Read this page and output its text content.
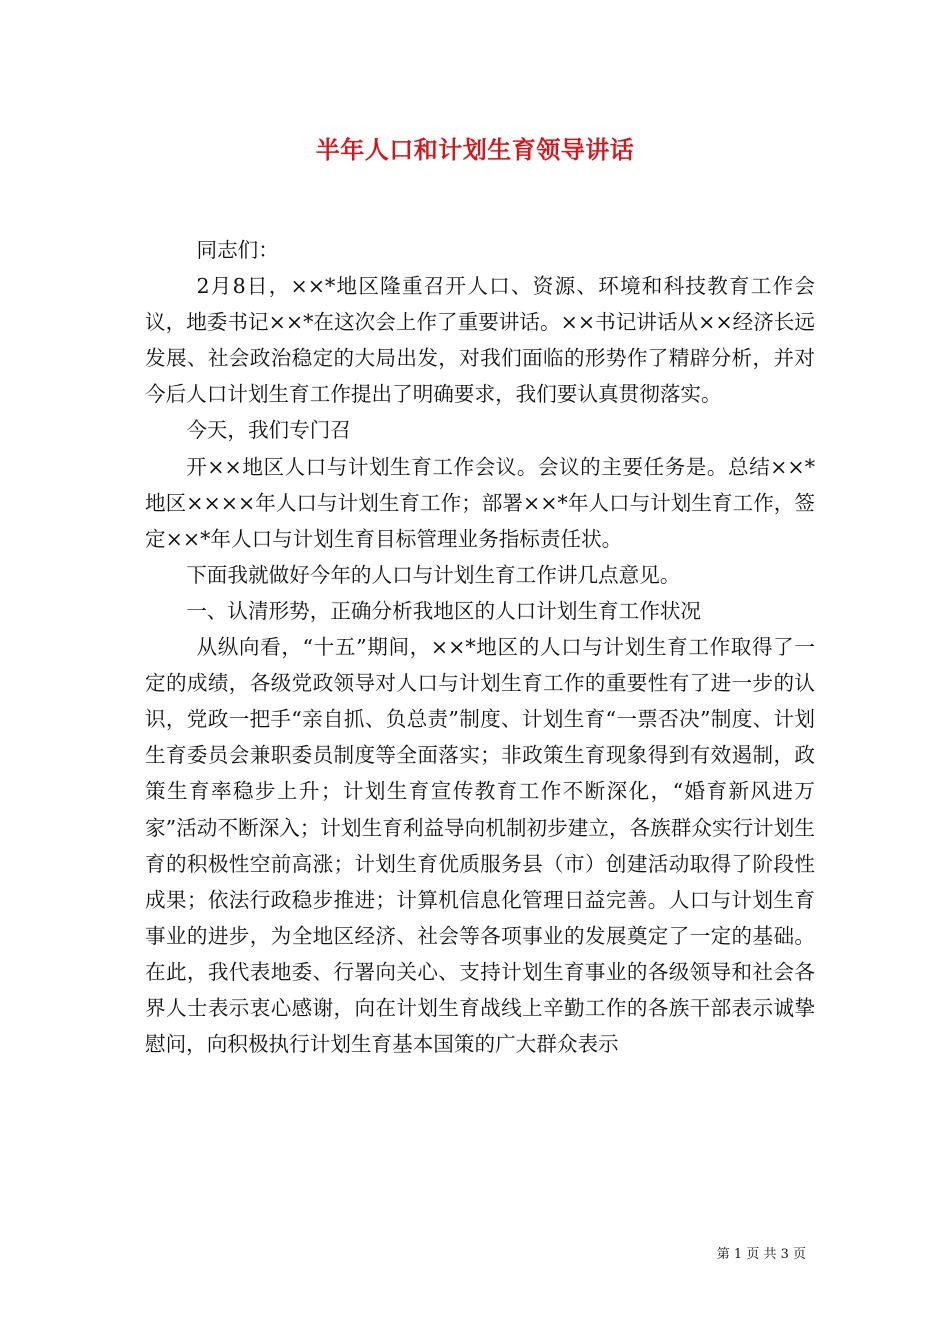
半年人口和计划生育领导讲话

同志们：

2月8日，××*地区隆重召开人口、资源、环境和科技教育工作会议，地委书记××*在这次会上作了重要讲话。××书记讲话从××经济长远发展、社会政治稳定的大局出发，对我们面临的形势作了精辟分析，并对今后人口计划生育工作提出了明确要求，我们要认真贯彻落实。

今天，我们专门召

开××地区人口与计划生育工作会议。会议的主要任务是。总结××*地区××××年人口与计划生育工作；部署××*年人口与计划生育工作，签定××*年人口与计划生育目标管理业务指标责任状。

下面我就做好今年的人口与计划生育工作讲几点意见。

一、认清形势，正确分析我地区的人口计划生育工作状况

从纵向看，“十五”期间，××*地区的人口与计划生育工作取得了一定的成绩，各级党政领导对人口与计划生育工作的重要性有了进一步的认识，党政一把手“亲自抓、负总责”制度、计划生育“一票否决”制度、计划生育委员会兼职委员制度等全面落实；非政策生育现象得到有效遏制，政策生育率稳步上升；计划生育宣传教育工作不断深化，“婚育新风进万家”活动不断深入；计划生育利益导向机制初步建立，各族群众实行计划生育的积极性空前高涨；计划生育优质服务县（市）创建活动取得了阶段性成果；依法行政稳步推进；计算机信息化管理日益完善。人口与计划生育事业的进步，为全地区经济、社会等各项事业的发展奠定了一定的基础。在此，我代表地委、行署向关心、支持计划生育事业的各级领导和社会各界人士表示衷心感谢，向在计划生育战线上辛勤工作的各族干部表示诚挚慰问，向积极执行计划生育基本国策的广大群众表示

第 1 页 共 3 页
